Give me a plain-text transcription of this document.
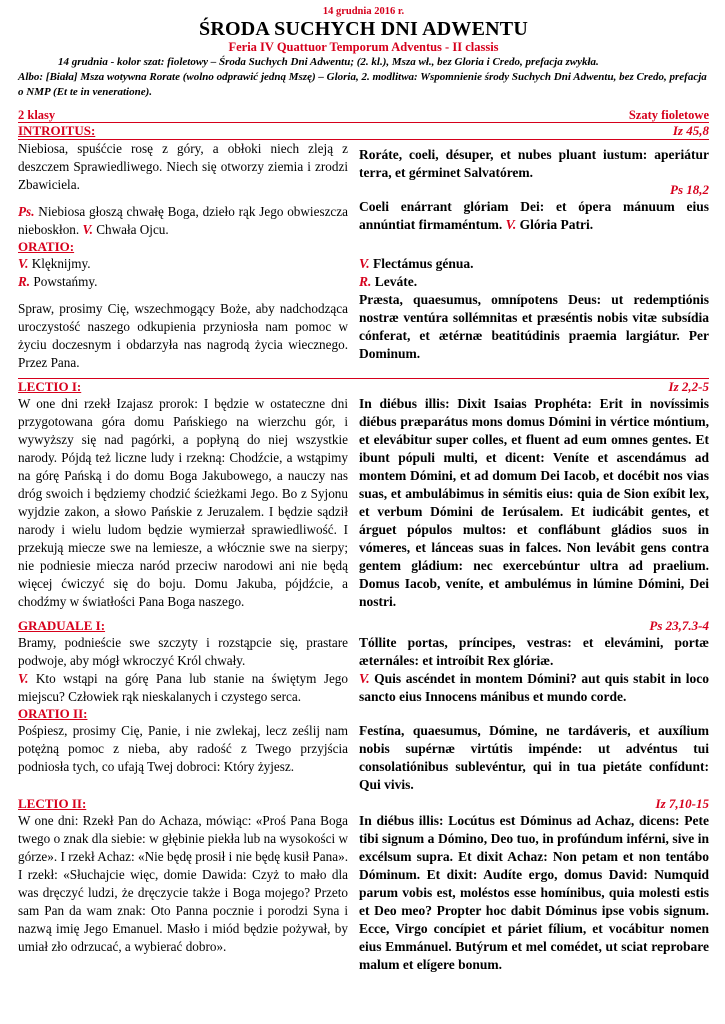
14 grudnia 2016 r.
ŚRODA SUCHYCH DNI ADWENTU
Feria IV Quattuor Temporum Adventus - II classis

14 grudnia - kolor szat: fioletowy – Środa Suchych Dni Adwentu; (2. kl.), Msza wł., bez Gloria i Credo, prefacja zwykła.

Albo: [Biała] Msza wotywna Rorate (wolno odprawić jedną Mszę) – Gloria, 2. modlitwa: Wspomnienie środy Suchych Dni Adwentu, bez Credo, prefacja o NMP (Et te in veneratione).

2 klasy	Szaty fioletowe
INTROITUS:	Iz 45,8

Niebiosa, spuśćcie rosę z góry, a obłoki niech zleją z deszczem Sprawiedliwego. Niech się otworzy ziemia i zrodzi Zbawiciela.

Ps. Niebiosa głoszą chwałę Boga, dzieło rąk Jego obwieszcza nieboskłon. V. Chwała Ojcu.

Roráte, coeli, désuper, et nubes pluant iustum: aperiátur terra, et gérminet Salvatórem.

Ps 18,2

Coeli enárrant glóriam Dei: et ópera mánuum eius annúntiat firmaméntum. V. Glória Patri.

ORATIO:

V. Klęknijmy.

R. Powstańmy.

Spraw, prosimy Cię, wszechmogący Boże, aby nadchodząca uroczystość naszego odkupienia przyniosła nam pomoc w życiu doczesnym i obdarzyła nas nagrodą życia wiecznego. Przez Pana.

V. Flectámus génua.

R. Leváte.

Præsta, quaesumus, omnípotens Deus: ut redemptiónis nostræ ventúra sollémnitas et præséntis nobis vitæ subsídia cónferat, et ætérnæ beatitúdinis praemia largiátur. Per Dominum.

LECTIO I:	Iz 2,2-5

W one dni rzekł Izajasz prorok: I będzie w ostateczne dni przygotowana góra domu Pańskiego na wierzchu gór, i wywyższy się nad pagórki, a popłyną do niej wszystkie narody. Pójdą też liczne ludy i rzekną: Chodźcie, a wstąpimy na górę Pańską i do domu Boga Jakubowego, a nauczy nas dróg swoich i będziemy chodzić ścieżkami Jego. Bo z Syjonu wyjdzie zakon, a słowo Pańskie z Jeruzalem. I będzie sądził narody i wielu ludom będzie wymierzał sprawiedliwość. I przekują miecze swe na lemiesze, a włócznie swe na sierpy; nie podniesie miecza naród przeciw narodowi ani nie będą więcej ćwiczyć się do boju. Domu Jakuba, pójdźcie, a chodźmy w światłości Pana Boga naszego.

In diébus illis: Dixit Isaias Prophéta: Erit in novíssimis diébus præparátus mons domus Dómini in vértice móntium, et elevábitur super colles, et fluent ad eum omnes gentes. Et ibunt pópuli multi, et dicent: Veníte et ascendámus ad montem Dómini, et ad domum Dei Iacob, et docébit nos vias suas, et ambulábimus in sémitis eius: quia de Sion exíbit lex, et verbum Dómini de Ierúsalem. Et iudicábit gentes, et árguet pópulos multos: et conflábunt gládios suos in vómeres, et lánceas suas in falces. Non levábit gens contra gentem gládium: nec exercebúntur ultra ad praelium. Domus Iacob, veníte, et ambulémus in lúmine Dómini, Dei nostri.

GRADUALE I:	Ps 23,7.3-4

Bramy, podnieście swe szczyty i rozstąpcie się, prastare podwoje, aby mógł wkroczyć Król chwały.

V. Kto wstąpi na górę Pana lub stanie na świętym Jego miejscu? Człowiek rąk nieskalanych i czystego serca.

Tóllite portas, príncipes, vestras: et elevámini, portæ æternáles: et introíbit Rex glóriæ.

V. Quis ascéndet in montem Dómini? aut quis stabit in loco sancto eius Innocens mánibus et mundo corde.

ORATIO II:

Pośpiesz, prosimy Cię, Panie, i nie zwlekaj, lecz ześlij nam potężną pomoc z nieba, aby radość z Twego przyjścia podniosła tych, co ufają Twej dobroci: Który żyjesz.

Festína, quaesumus, Dómine, ne tardáveris, et auxílium nobis supérnæ virtútis impénde: ut advéntus tui consolatiónibus sublevéntur, qui in tua pietáte confídunt: Qui vivis.

LECTIO II:	Iz 7,10-15

W one dni: Rzekł Pan do Achaza, mówiąc: «Proś Pana Boga twego o znak dla siebie: w głębinie piekła lub na wysokości w górze». I rzekł Achaz: «Nie będę prosił i nie będę kusił Pana». I rzekł: «Słuchajcie więc, domie Dawida: Czyż to mało dla was dręczyć ludzi, że dręczycie także i Boga mojego? Przeto sam Pan da wam znak: Oto Panna pocznie i porodzi Syna i nazwą imię Jego Emanuel. Masło i miód będzie pożywał, by umiał zło odrzucać, a wybierać dobro».

In diébus illis: Locútus est Dóminus ad Achaz, dicens: Pete tibi signum a Dómino, Deo tuo, in profúndum inférni, sive in excélsum supra. Et dixit Achaz: Non petam et non tentábo Dóminum. Et dixit: Audíte ergo, domus David: Numquid parum vobis est, moléstos esse homínibus, quia molesti estis et Deo meo? Propter hoc dabit Dóminus ipse vobis signum. Ecce, Virgo concípiet et páriet fílium, et vocábitur nomen eius Emmánuel. Butýrum et mel comédet, ut sciat reprobare malum et elígere bonum.
